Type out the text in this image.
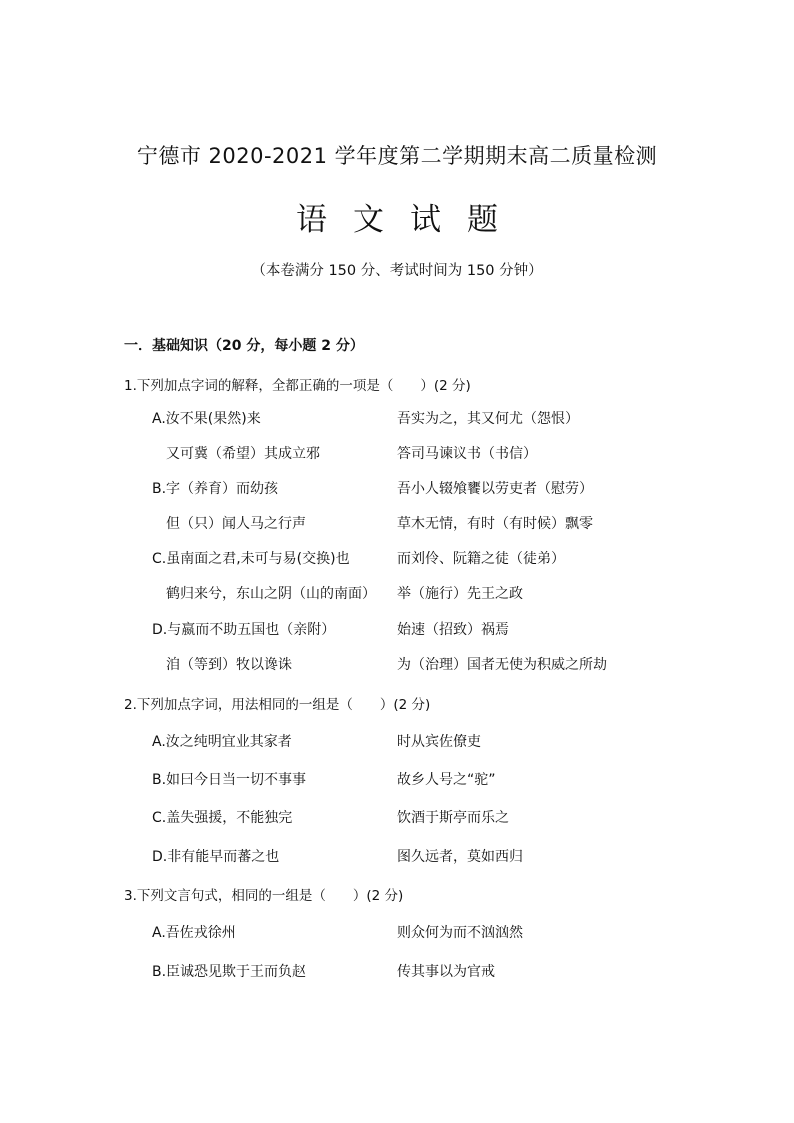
宁德市 2020-2021 学年度第二学期期末高二质量检测
语文试题
（本卷满分 150 分、考试时间为 150 分钟）
一．基础知识（20 分，每小题 2 分）
1.下列加点字词的解释，全都正确的一项是（　　）(2 分)
A.汝不果(果然)来	吾实为之，其又何尤（怨恨）
又可冀（希望）其成立邪	答司马谏议书（书信）
B.字（养育）而幼孩	吾小人辍飧饔以劳吏者（慰劳）
但（只）闻人马之行声	草木无情，有时（有时候）飘零
C.虽南面之君,未可与易(交换)也	而刘伶、阮籍之徒（徒弟）
鹤归来兮，东山之阴（山的南面） 举（施行）先王之政
D.与嬴而不助五国也（亲附）	始速（招致）祸焉
洎（等到）牧以谗诛	为（治理）国者无使为积威之所劫
2.下列加点字词，用法相同的一组是（　　）(2 分)
A.汝之纯明宜业其家者	时从宾佐僚吏
B.如曰今日当一切不事事	故乡人号之“驼”
C.盖失强援，不能独完	饮酒于斯亭而乐之
D.非有能早而蕃之也	图久远者，莫如西归
3.下列文言句式，相同的一组是（　　）(2 分)
A.吾佐戎徐州	则众何为而不汹汹然
B.臣诚恐见欺于王而负赵	传其事以为官戒
